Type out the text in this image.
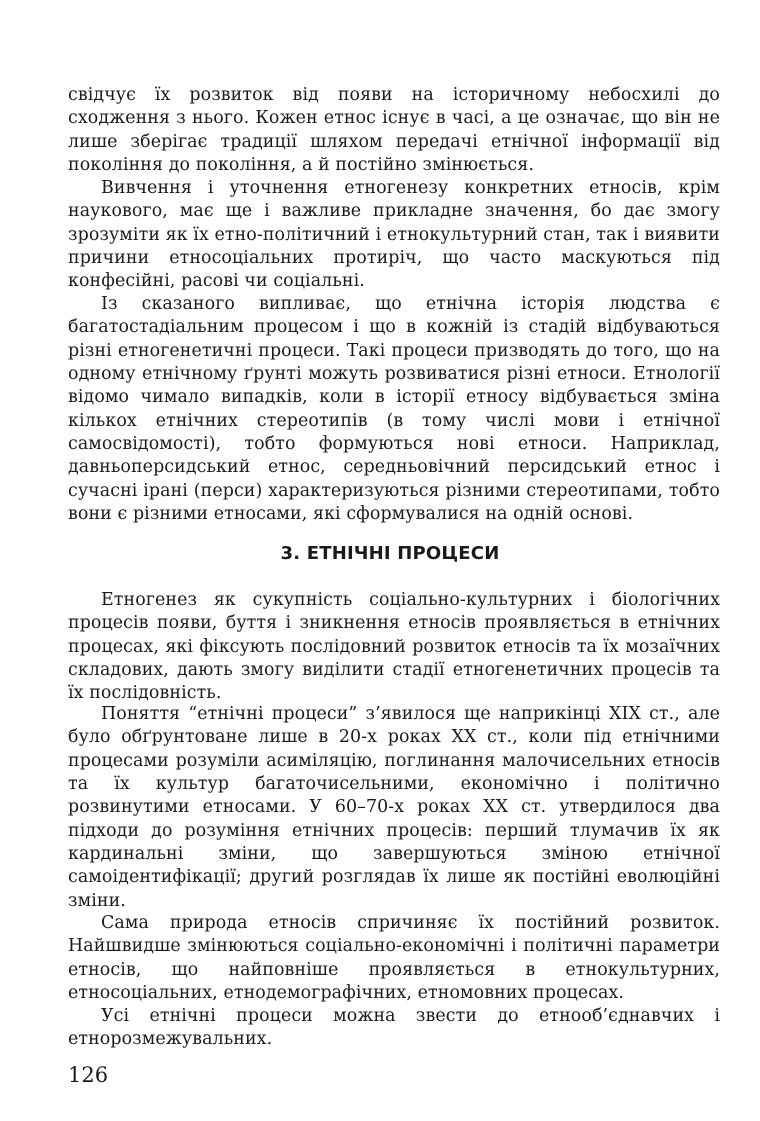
свідчує їх розвиток від появи на історичному небосхилі до сходження з нього. Кожен етнос існує в часі, а це означає, що він не лише зберігає традиції шляхом передачі етнічної інформації від покоління до покоління, а й постійно змінюється.

Вивчення і уточнення етногенезу конкретних етносів, крім наукового, має ще і важливе прикладне значення, бо дає змогу зрозуміти як їх етно-політичний і етнокультурний стан, так і виявити причини етносоціальних протиріч, що часто маскуються під конфесійні, расові чи соціальні.

Із сказаного випливає, що етнічна історія людства є багатостадіальним процесом і що в кожній із стадій відбуваються різні етногенетичні процеси. Такі процеси призводять до того, що на одному етнічному ґрунті можуть розвиватися різні етноси. Етнології відомо чимало випадків, коли в історії етносу відбувається зміна кількох етнічних стереотипів (в тому числі мови і етнічної самосвідомості), тобто формуються нові етноси. Наприклад, давньоперсидський етнос, середньовічний персидський етнос і сучасні ірані (перси) характеризуються різними стереотипами, тобто вони є різними етносами, які сформувалися на одній основі.

3. ЕТНІЧНІ ПРОЦЕСИ

Етногенез як сукупність соціально-культурних і біологічних процесів появи, буття і зникнення етносів проявляється в етнічних процесах, які фіксують послідовний розвиток етносів та їх мозаїчних складових, дають змогу виділити стадії етногенетичних процесів та їх послідовність.

Поняття “етнічні процеси” з’явилося ще наприкінці XIX ст., але було обґрунтоване лише в 20-х роках XX ст., коли під етнічними процесами розуміли асиміляцію, поглинання малочисельних етносів та їх культур багаточисельними, економічно і політично розвинутими етносами. У 60–70-х роках XX ст. утвердилося два підходи до розуміння етнічних процесів: перший тлумачив їх як кардинальні зміни, що завершуються зміною етнічної самоідентифікації; другий розглядав їх лише як постійні еволюційні зміни.

Сама природа етносів спричиняє їх постійний розвиток. Найшвидше змінюються соціально-економічні і політичні параметри етносів, що найповніше проявляється в етнокультурних, етносоціальних, етнодемографічних, етномовних процесах.

Усі етнічні процеси можна звести до етнооб’єднавчих і етнорозмежувальних.

126
